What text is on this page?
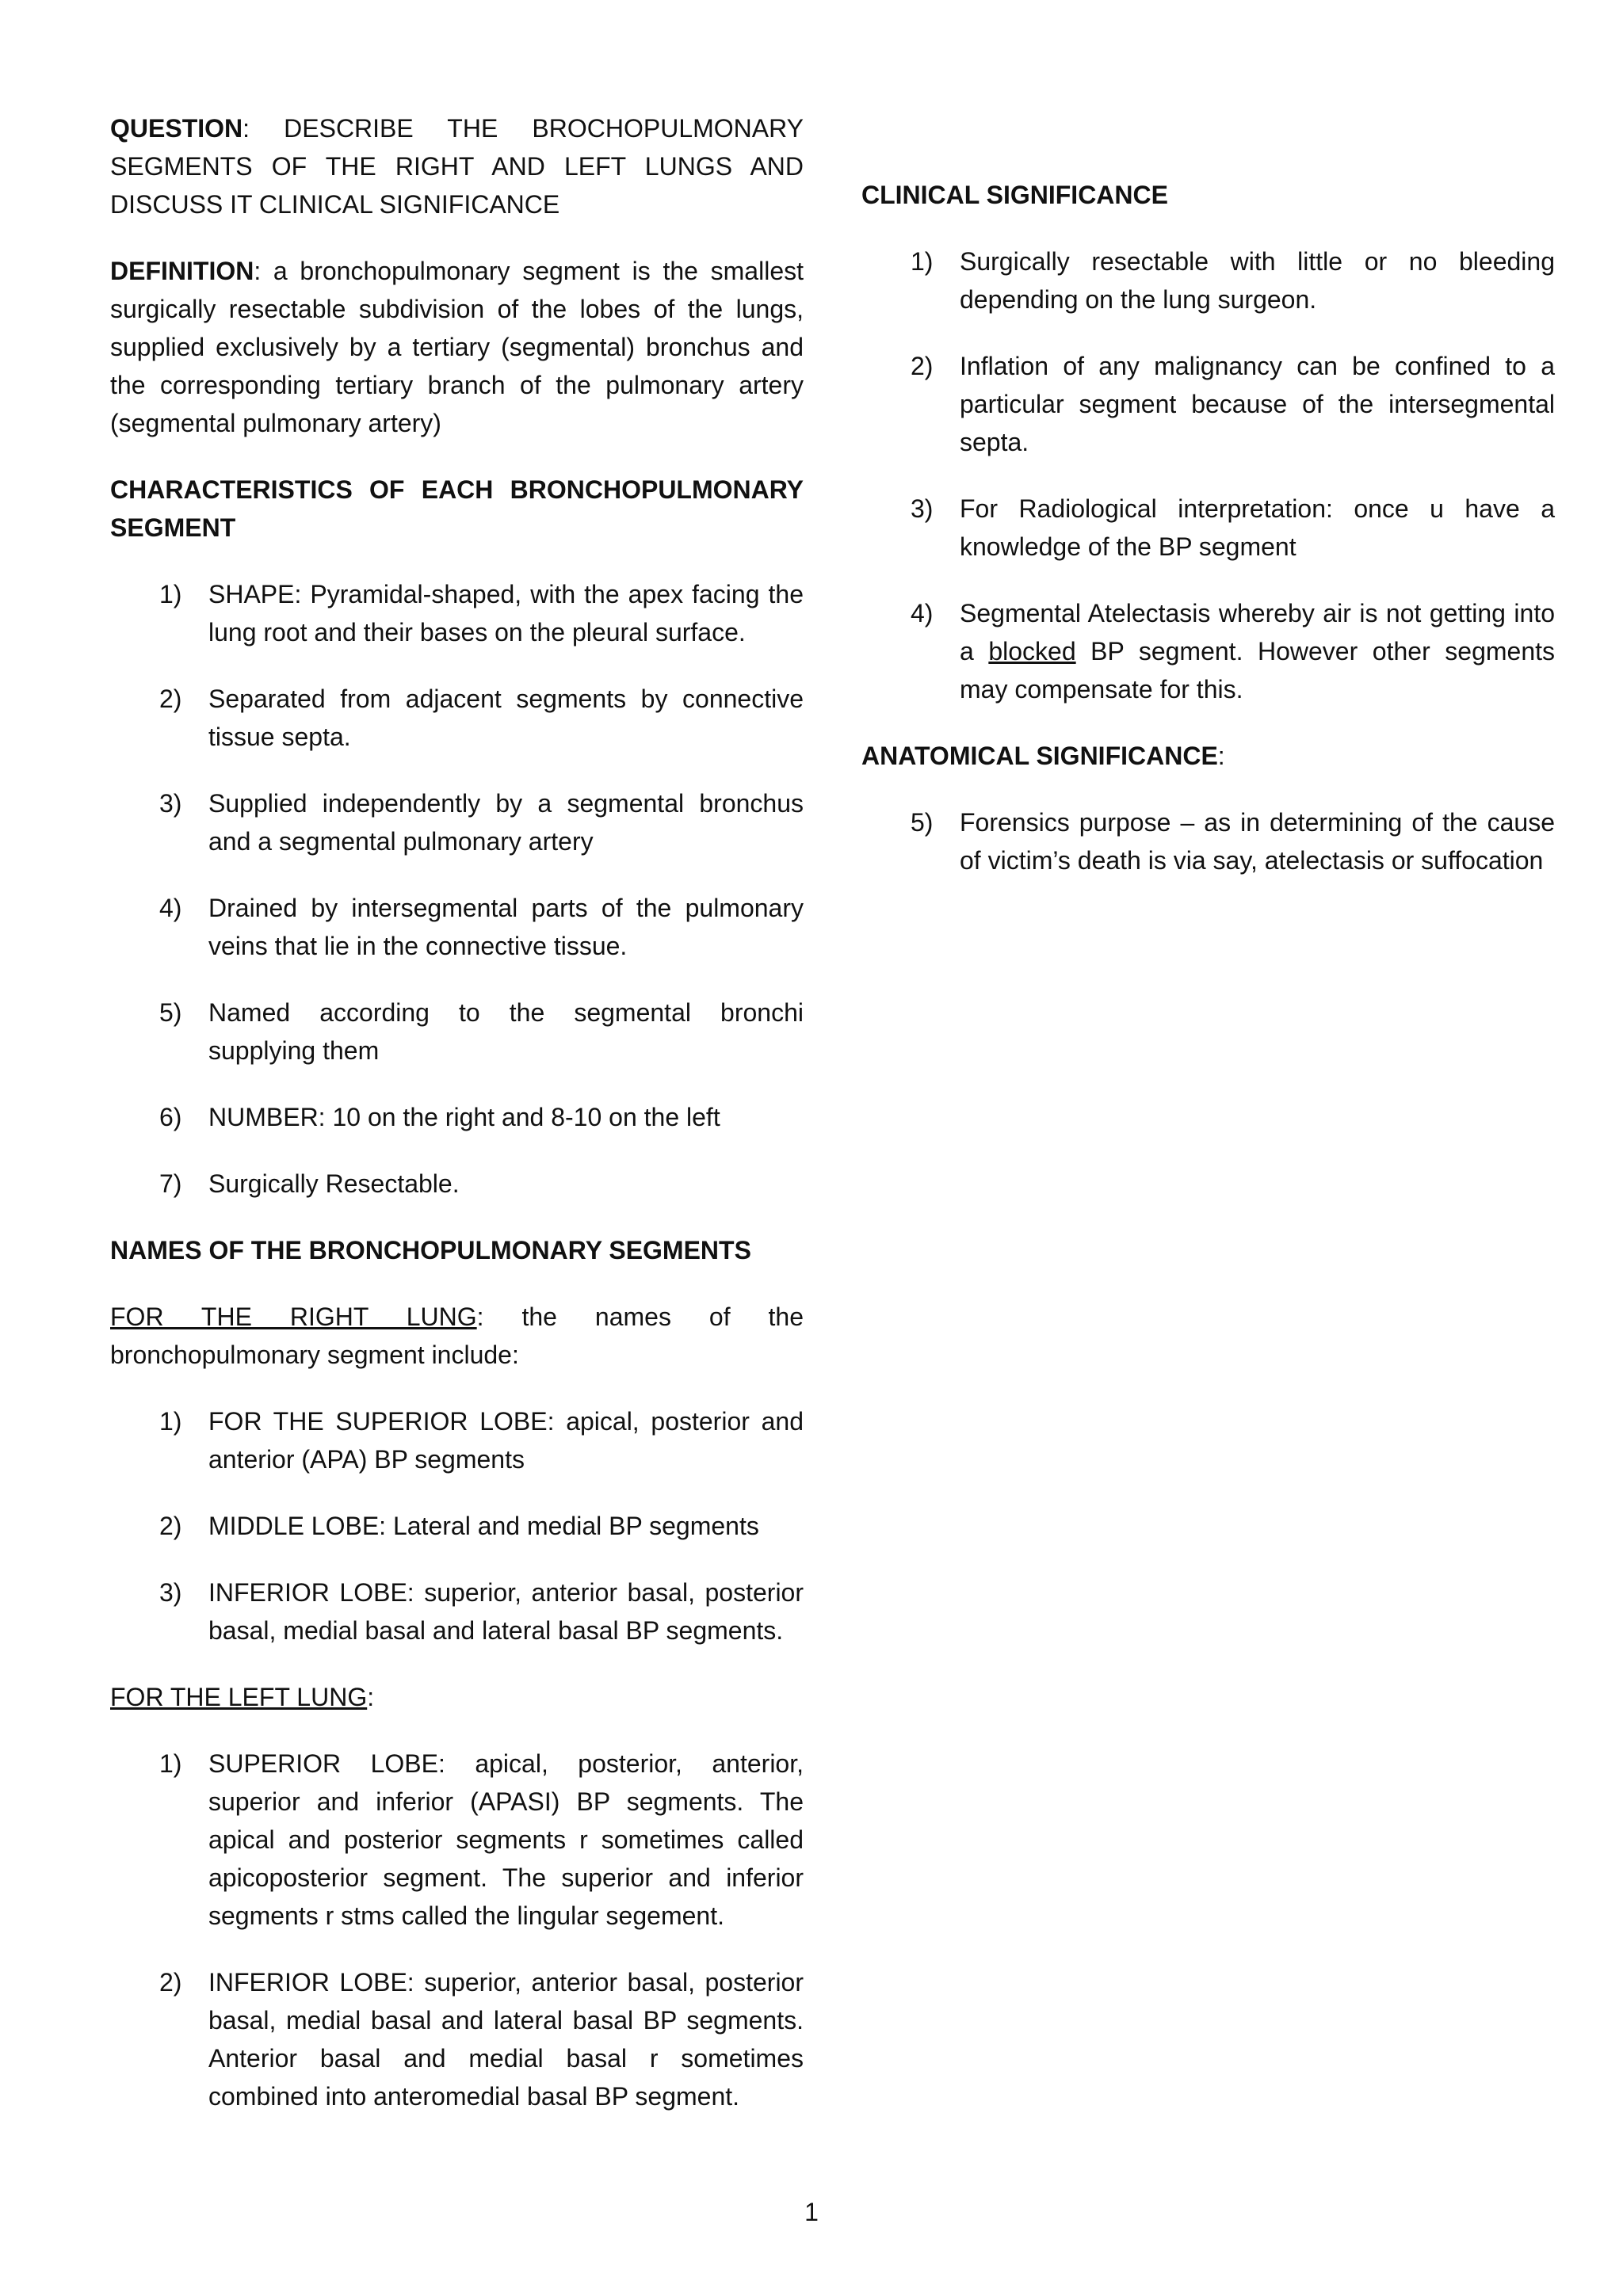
QUESTION: DESCRIBE THE BROCHOPULMONARY SEGMENTS OF THE RIGHT AND LEFT LUNGS AND DISCUSS IT CLINICAL SIGNIFICANCE

DEFINITION: a bronchopulmonary segment is the smallest surgically resectable subdivision of the lobes of the lungs, supplied exclusively by a tertiary (segmental) bronchus and the corresponding tertiary branch of the pulmonary artery (segmental pulmonary artery)

CHARACTERISTICS OF EACH BRONCHOPULMONARY SEGMENT
1) SHAPE: Pyramidal-shaped, with the apex facing the lung root and their bases on the pleural surface.
2) Separated from adjacent segments by connective tissue septa.
3) Supplied independently by a segmental bronchus and a segmental pulmonary artery
4) Drained by intersegmental parts of the pulmonary veins that lie in the connective tissue.
5) Named according to the segmental bronchi supplying them
6) NUMBER: 10 on the right and 8-10 on the left
7) Surgically Resectable.
NAMES OF THE BRONCHOPULMONARY SEGMENTS

FOR THE RIGHT LUNG: the names of the bronchopulmonary segment include:

1) FOR THE SUPERIOR LOBE: apical, posterior and anterior (APA) BP segments
2) MIDDLE LOBE: Lateral and medial BP segments
3) INFERIOR LOBE: superior, anterior basal, posterior basal, medial basal and lateral basal BP segments.

FOR THE LEFT LUNG:

1) SUPERIOR LOBE: apical, posterior, anterior, superior and inferior (APASI) BP segments. The apical and posterior segments r sometimes called apicoposterior segment. The superior and inferior segments r stms called the lingular segement.
2) INFERIOR LOBE: superior, anterior basal, posterior basal, medial basal and lateral basal BP segments. Anterior basal and medial basal r sometimes combined into anteromedial basal BP segment.
CLINICAL SIGNIFICANCE
1) Surgically resectable with little or no bleeding depending on the lung surgeon.
2) Inflation of any malignancy can be confined to a particular segment because of the intersegmental septa.
3) For Radiological interpretation: once u have a knowledge of the BP segment
4) Segmental Atelectasis whereby air is not getting into a blocked BP segment. However other segments may compensate for this.
ANATOMICAL SIGNIFICANCE:
5) Forensics purpose – as in determining of the cause of victim’s death is via say, atelectasis or suffocation
1
